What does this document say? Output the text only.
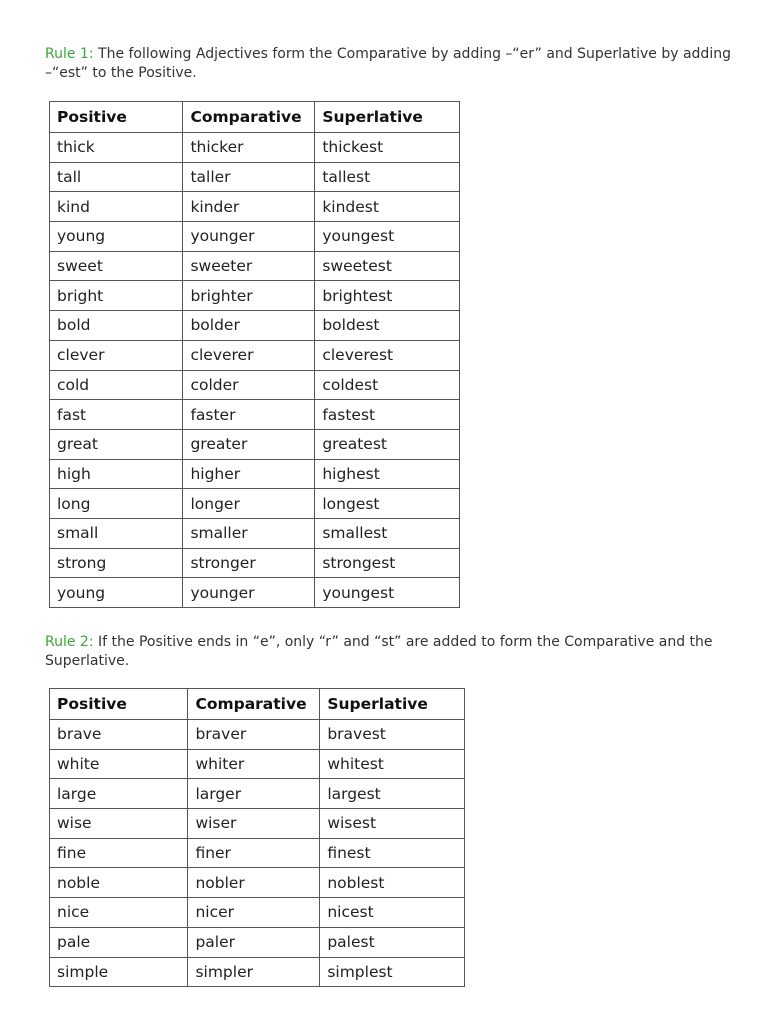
Rule 1: The following Adjectives form the Comparative by adding –“er” and Superlative by adding –“est” to the Positive.
Positive	Comparative	Superlative
thick	thicker	thickest
tall	taller	tallest
kind	kinder	kindest
young	younger	youngest
sweet	sweeter	sweetest
bright	brighter	brightest
bold	bolder	boldest
clever	cleverer	cleverest
cold	colder	coldest
fast	faster	fastest
great	greater	greatest
high	higher	highest
long	longer	longest
small	smaller	smallest
strong	stronger	strongest
young	younger	youngest
Rule 2: If the Positive ends in “e”, only “r” and “st” are added to form the Comparative and the Superlative.
Positive	Comparative	Superlative
brave	braver	bravest
white	whiter	whitest
large	larger	largest
wise	wiser	wisest
fine	finer	finest
noble	nobler	noblest
nice	nicer	nicest
pale	paler	palest
simple	simpler	simplest
